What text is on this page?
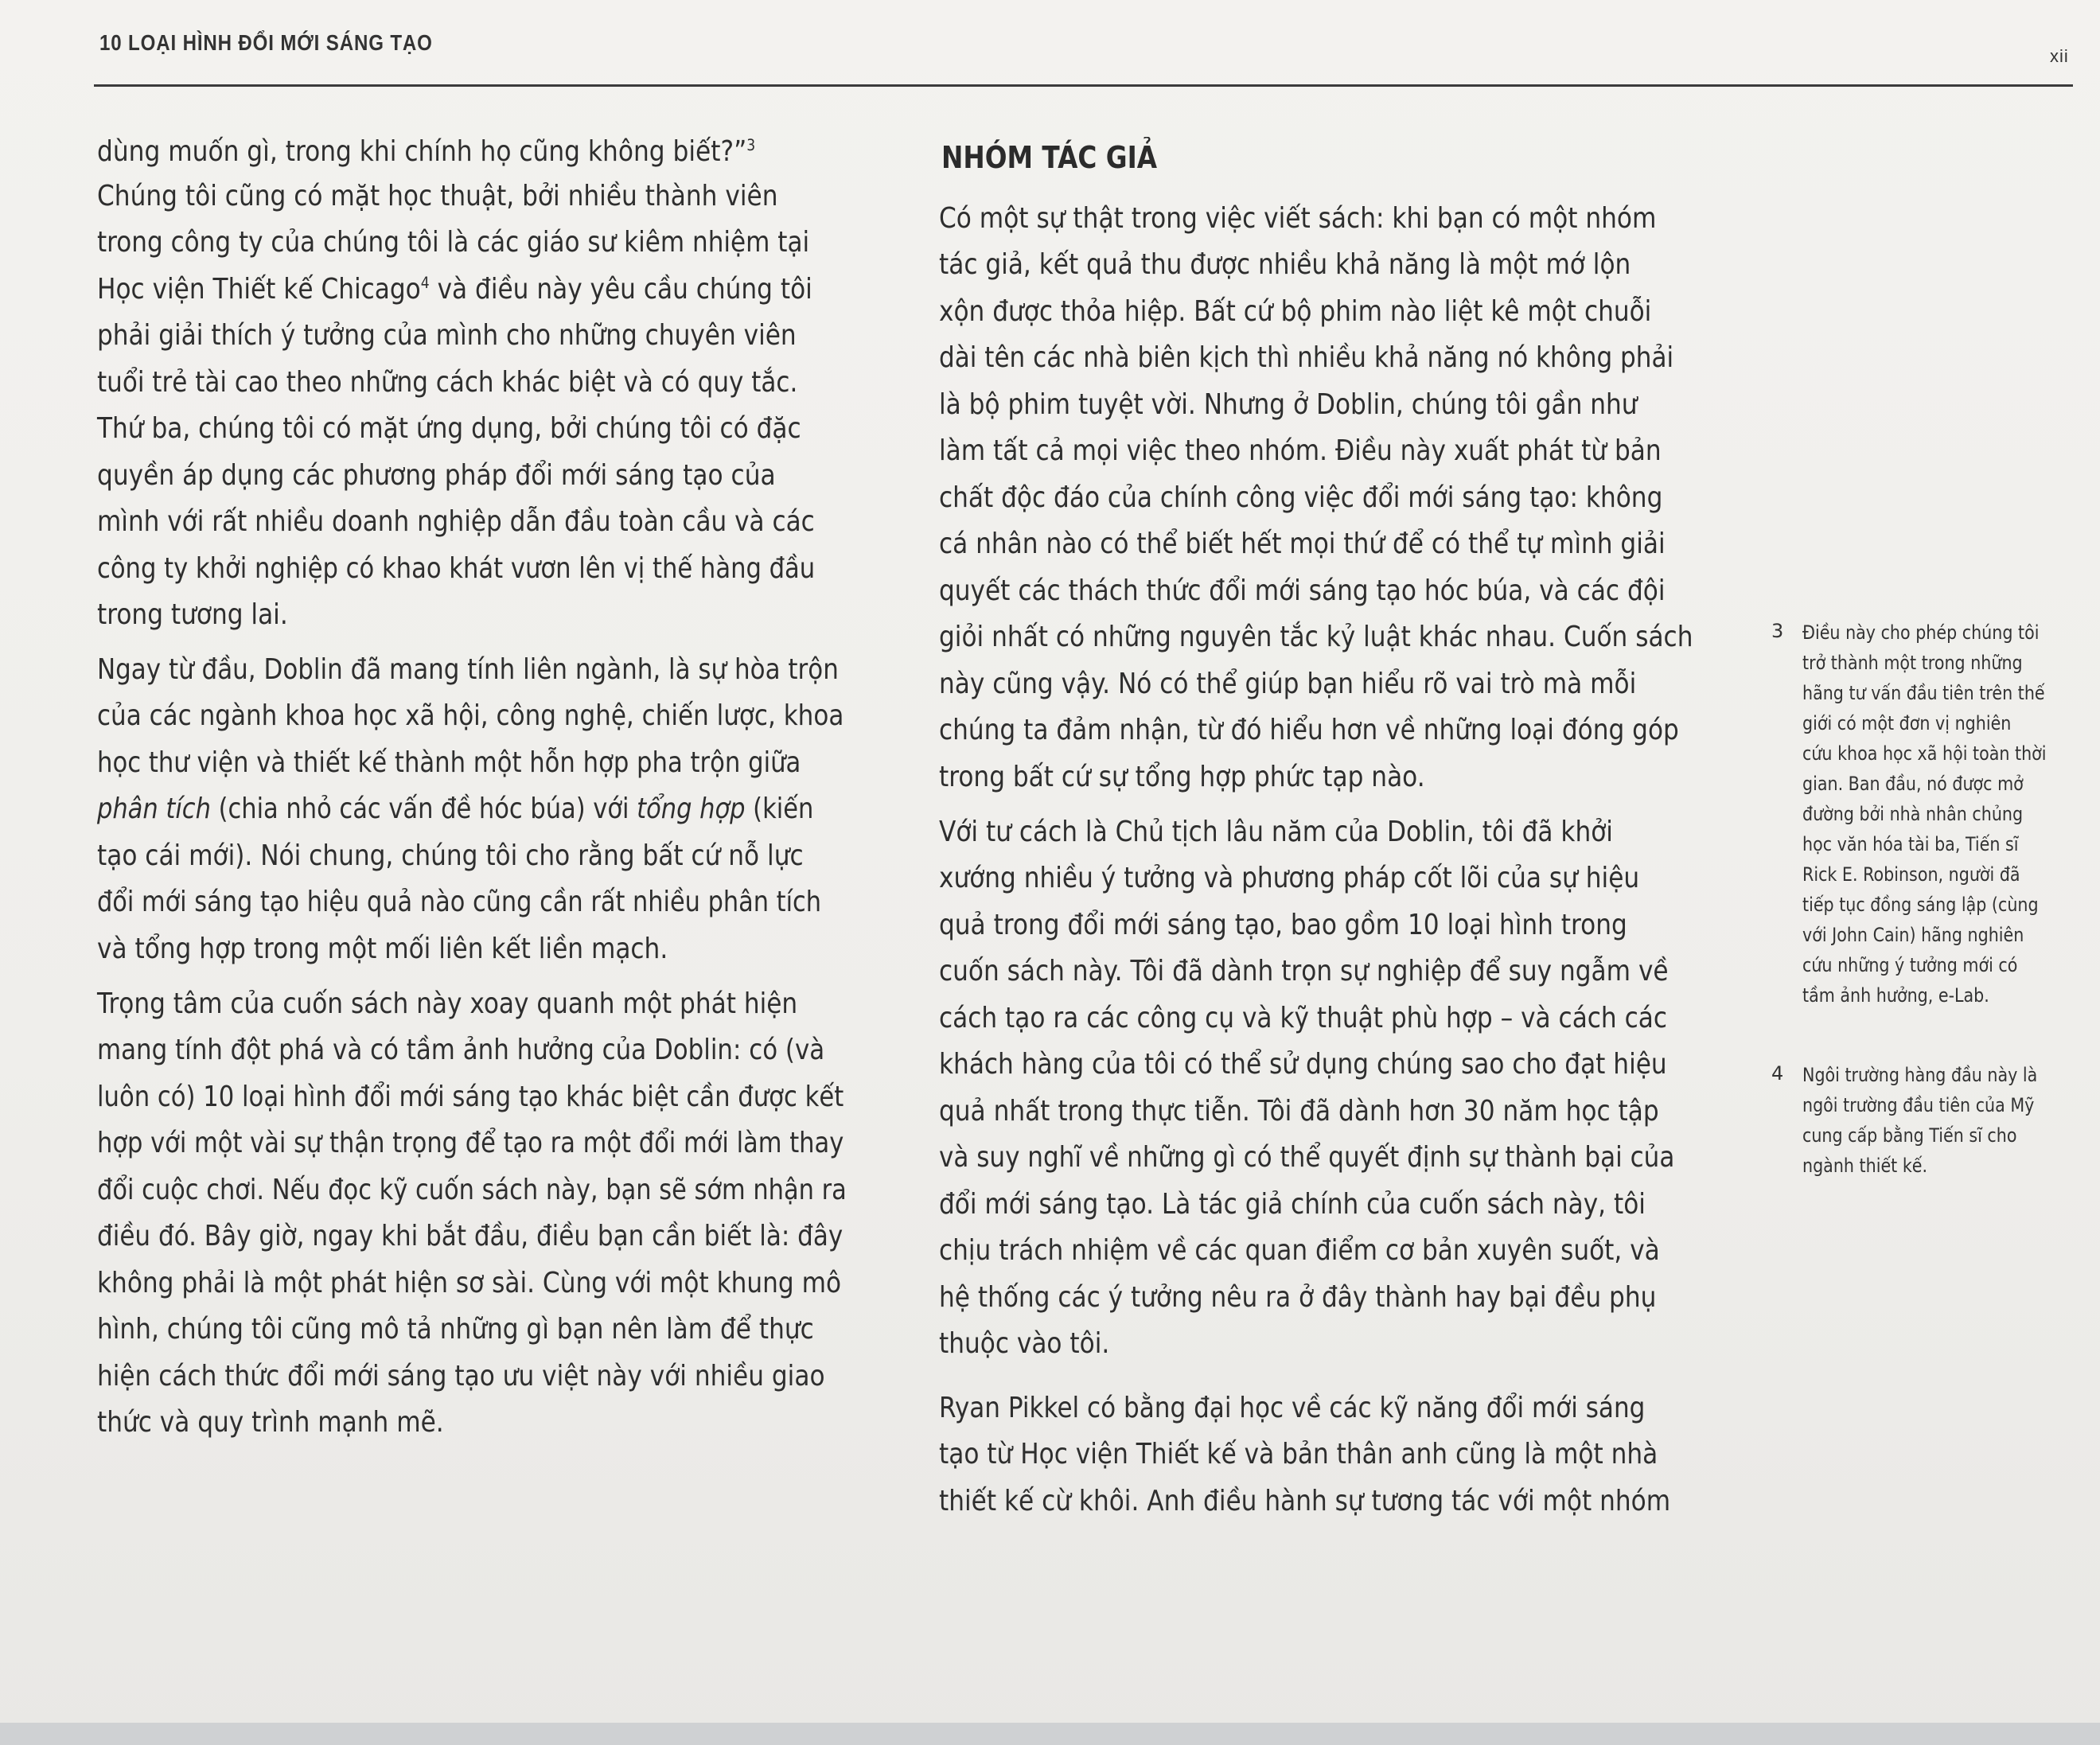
10 LOẠI HÌNH ĐỔI MỚI SÁNG TẠO
xii
dùng muốn gì, trong khi chính họ cũng không biết?”$^3$
Chúng tôi cũng có mặt học thuật, bởi nhiều thành viên
trong công ty của chúng tôi là các giáo sư kiêm nhiệm tại
Học viện Thiết kế Chicago$^4$ và điều này yêu cầu chúng tôi
phải giải thích ý tưởng của mình cho những chuyên viên
tuổi trẻ tài cao theo những cách khác biệt và có quy tắc.
Thứ ba, chúng tôi có mặt ứng dụng, bởi chúng tôi có đặc
quyền áp dụng các phương pháp đổi mới sáng tạo của
mình với rất nhiều doanh nghiệp dẫn đầu toàn cầu và các
công ty khởi nghiệp có khao khát vươn lên vị thế hàng đầu
trong tương lai.
Ngay từ đầu, Doblin đã mang tính liên ngành, là sự hòa trộn
của các ngành khoa học xã hội, công nghệ, chiến lược, khoa
học thư viện và thiết kế thành một hỗn hợp pha trộn giữa
phân tích (chia nhỏ các vấn đề hóc búa) với tổng hợp (kiến
tạo cái mới). Nói chung, chúng tôi cho rằng bất cứ nỗ lực
đổi mới sáng tạo hiệu quả nào cũng cần rất nhiều phân tích
và tổng hợp trong một mối liên kết liền mạch.
Trọng tâm của cuốn sách này xoay quanh một phát hiện
mang tính đột phá và có tầm ảnh hưởng của Doblin: có (và
luôn có) 10 loại hình đổi mới sáng tạo khác biệt cần được kết
hợp với một vài sự thận trọng để tạo ra một đổi mới làm thay
đổi cuộc chơi. Nếu đọc kỹ cuốn sách này, bạn sẽ sớm nhận ra
điều đó. Bây giờ, ngay khi bắt đầu, điều bạn cần biết là: đây
không phải là một phát hiện sơ sài. Cùng với một khung mô
hình, chúng tôi cũng mô tả những gì bạn nên làm để thực
hiện cách thức đổi mới sáng tạo ưu việt này với nhiều giao
thức và quy trình mạnh mẽ.
NHÓM TÁC GIẢ
Có một sự thật trong việc viết sách: khi bạn có một nhóm
tác giả, kết quả thu được nhiều khả năng là một mớ lộn
xộn được thỏa hiệp. Bất cứ bộ phim nào liệt kê một chuỗi
dài tên các nhà biên kịch thì nhiều khả năng nó không phải
là bộ phim tuyệt vời. Nhưng ở Doblin, chúng tôi gần như
làm tất cả mọi việc theo nhóm. Điều này xuất phát từ bản
chất độc đáo của chính công việc đổi mới sáng tạo: không
cá nhân nào có thể biết hết mọi thứ để có thể tự mình giải
quyết các thách thức đổi mới sáng tạo hóc búa, và các đội
giỏi nhất có những nguyên tắc kỷ luật khác nhau. Cuốn sách
này cũng vậy. Nó có thể giúp bạn hiểu rõ vai trò mà mỗi
chúng ta đảm nhận, từ đó hiểu hơn về những loại đóng góp
trong bất cứ sự tổng hợp phức tạp nào.
Với tư cách là Chủ tịch lâu năm của Doblin, tôi đã khởi
xướng nhiều ý tưởng và phương pháp cốt lõi của sự hiệu
quả trong đổi mới sáng tạo, bao gồm 10 loại hình trong
cuốn sách này. Tôi đã dành trọn sự nghiệp để suy ngẫm về
cách tạo ra các công cụ và kỹ thuật phù hợp – và cách các
khách hàng của tôi có thể sử dụng chúng sao cho đạt hiệu
quả nhất trong thực tiễn. Tôi đã dành hơn 30 năm học tập
và suy nghĩ về những gì có thể quyết định sự thành bại của
đổi mới sáng tạo. Là tác giả chính của cuốn sách này, tôi
chịu trách nhiệm về các quan điểm cơ bản xuyên suốt, và
hệ thống các ý tưởng nêu ra ở đây thành hay bại đều phụ
thuộc vào tôi.
Ryan Pikkel có bằng đại học về các kỹ năng đổi mới sáng
tạo từ Học viện Thiết kế và bản thân anh cũng là một nhà
thiết kế cừ khôi. Anh điều hành sự tương tác với một nhóm
3 Điều này cho phép chúng tôi
trở thành một trong những
hãng tư vấn đầu tiên trên thế
giới có một đơn vị nghiên
cứu khoa học xã hội toàn thời
gian. Ban đầu, nó được mở
đường bởi nhà nhân chủng
học văn hóa tài ba, Tiến sĩ
Rick E. Robinson, người đã
tiếp tục đồng sáng lập (cùng
với John Cain) hãng nghiên
cứu những ý tưởng mới có
tầm ảnh hưởng, e-Lab.
4 Ngôi trường hàng đầu này là
ngôi trường đầu tiên của Mỹ
cung cấp bằng Tiến sĩ cho
ngành thiết kế.
